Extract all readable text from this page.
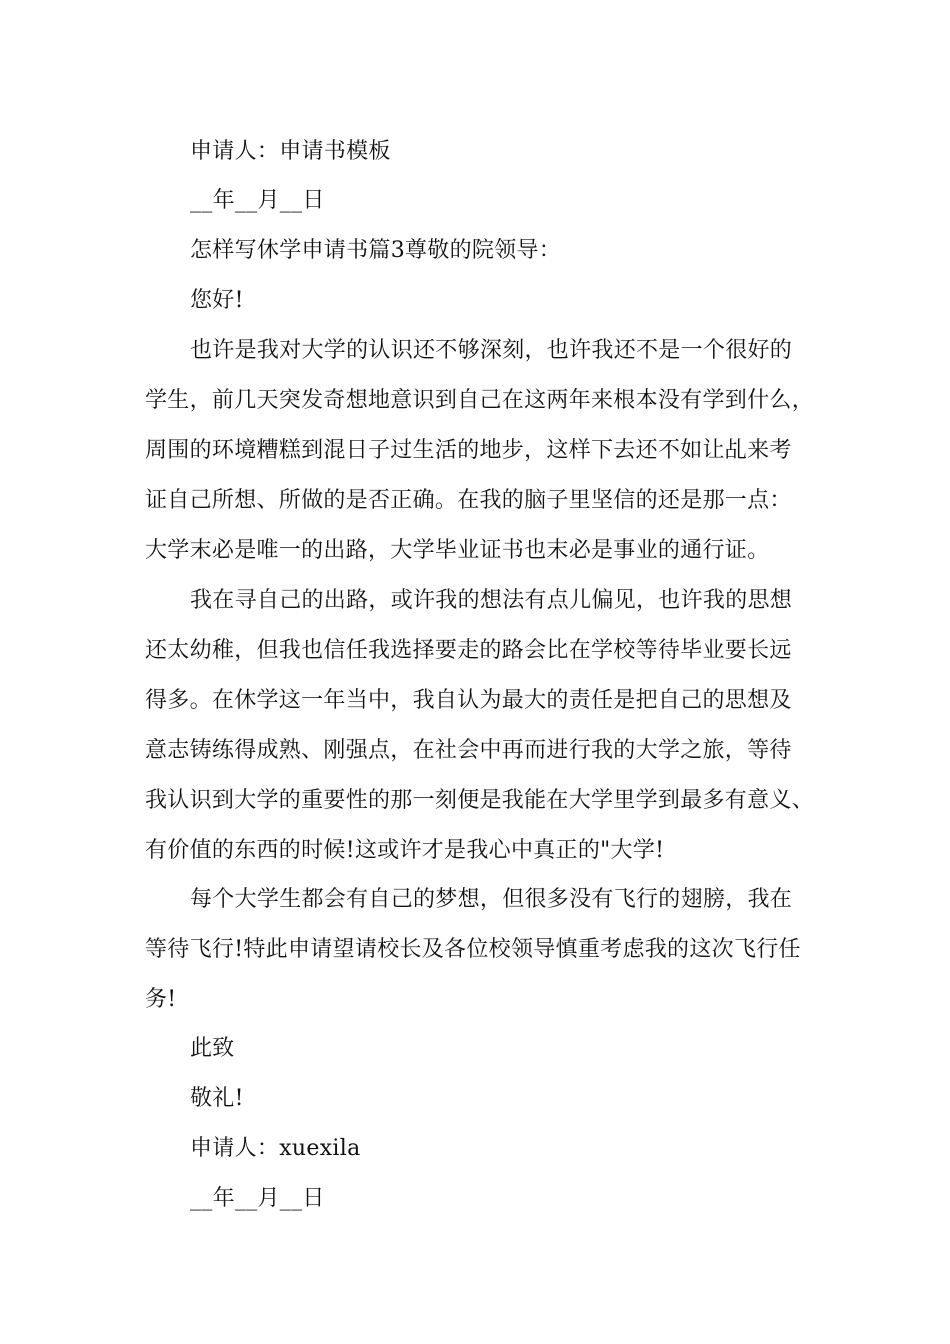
申请人：申请书模板
__年__月__日
怎样写休学申请书篇3尊敬的院领导：
您好!
也许是我对大学的认识还不够深刻，也许我还不是一个很好的
学生，前几天突发奇想地意识到自己在这两年来根本没有学到什么，
周围的环境糟糕到混日子过生活的地步，这样下去还不如让乩来考
证自己所想、所做的是否正确。在我的脑子里坚信的还是那一点：
大学末必是唯一的出路，大学毕业证书也末必是事业的通行证。
我在寻自己的出路，或许我的想法有点儿偏见，也许我的思想
还太幼稚，但我也信任我选择要走的路会比在学校等待毕业要长远
得多。在休学这一年当中，我自认为最大的责任是把自己的思想及
意志铸练得成熟、刚强点，在社会中再而进行我的大学之旅，等待
我认识到大学的重要性的那一刻便是我能在大学里学到最多有意义、
有价值的东西的时候!这或许才是我心中真正的"大学!
每个大学生都会有自己的梦想，但很多没有飞行的翅膀，我在
等待飞行!特此申请望请校长及各位校领导慎重考虑我的这次飞行任
务!
此致
敬礼!
申请人：xuexila
__年__月__日
